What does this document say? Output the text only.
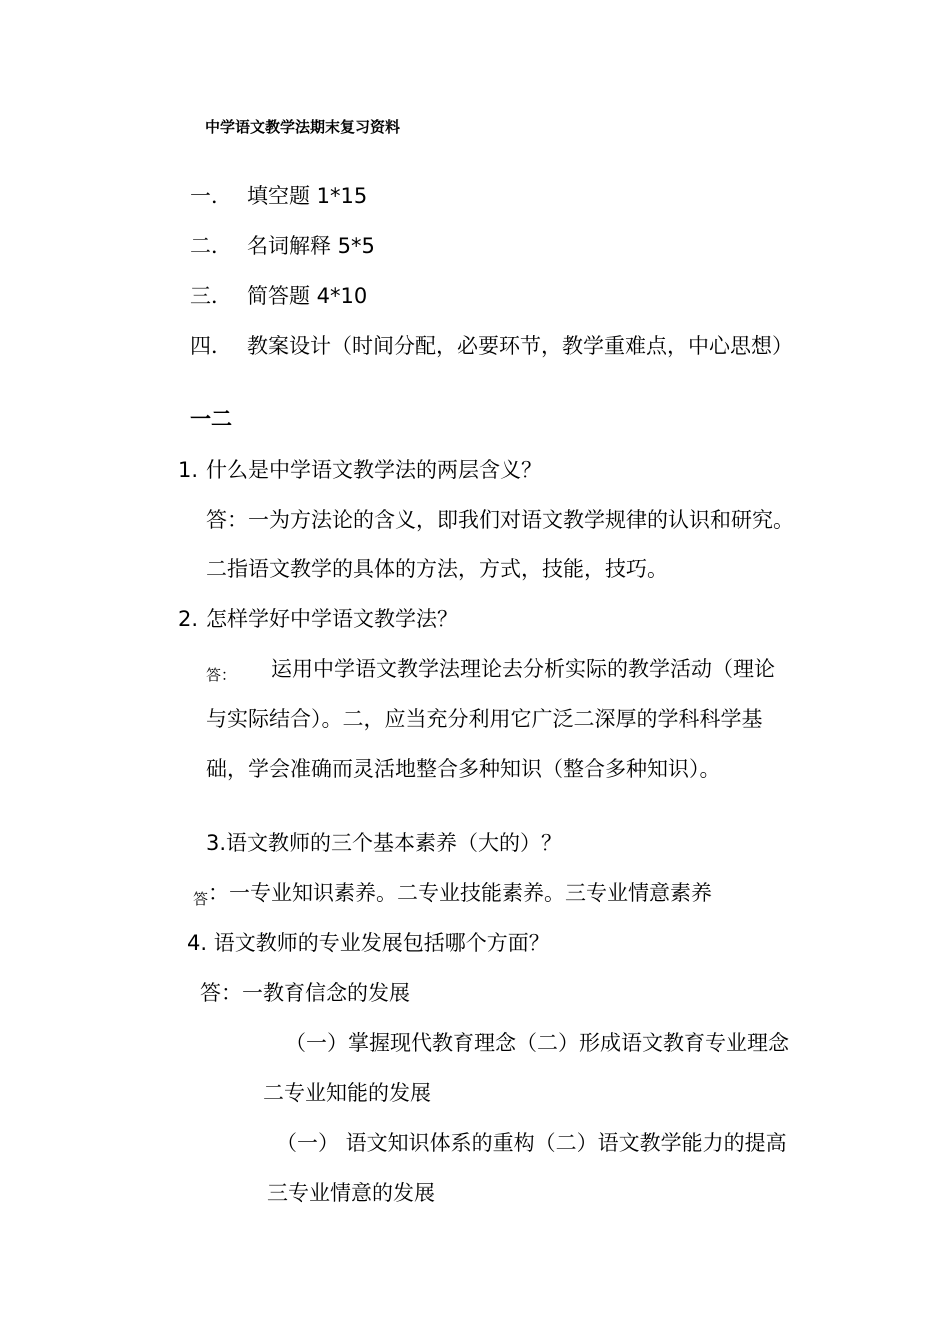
中学语文教学法期末复习资料
一． 填空题 1*15
二． 名词解释 5*5
三． 简答题 4*10
四． 教案设计（时间分配，必要环节，教学重难点，中心思想）
一二
1. 什么是中学语文教学法的两层含义？
答：一为方法论的含义，即我们对语文教学规律的认识和研究。
二指语文教学的具体的方法，方式，技能，技巧。
2. 怎样学好中学语文教学法？
答： 运用中学语文教学法理论去分析实际的教学活动（理论
与实际结合）。二，应当充分利用它广泛二深厚的学科科学基
础，学会准确而灵活地整合多种知识（整合多种知识）。
3.语文教师的三个基本素养（大的）？
答 ：一专业知识素养。二专业技能素养。三专业情意素养
4. 语文教师的专业发展包括哪个方面？
答：一教育信念的发展
（一）掌握现代教育理念（二）形成语文教育专业理念
二专业知能的发展
（一） 语文知识体系的重构（二）语文教学能力的提高
三专业情意的发展
